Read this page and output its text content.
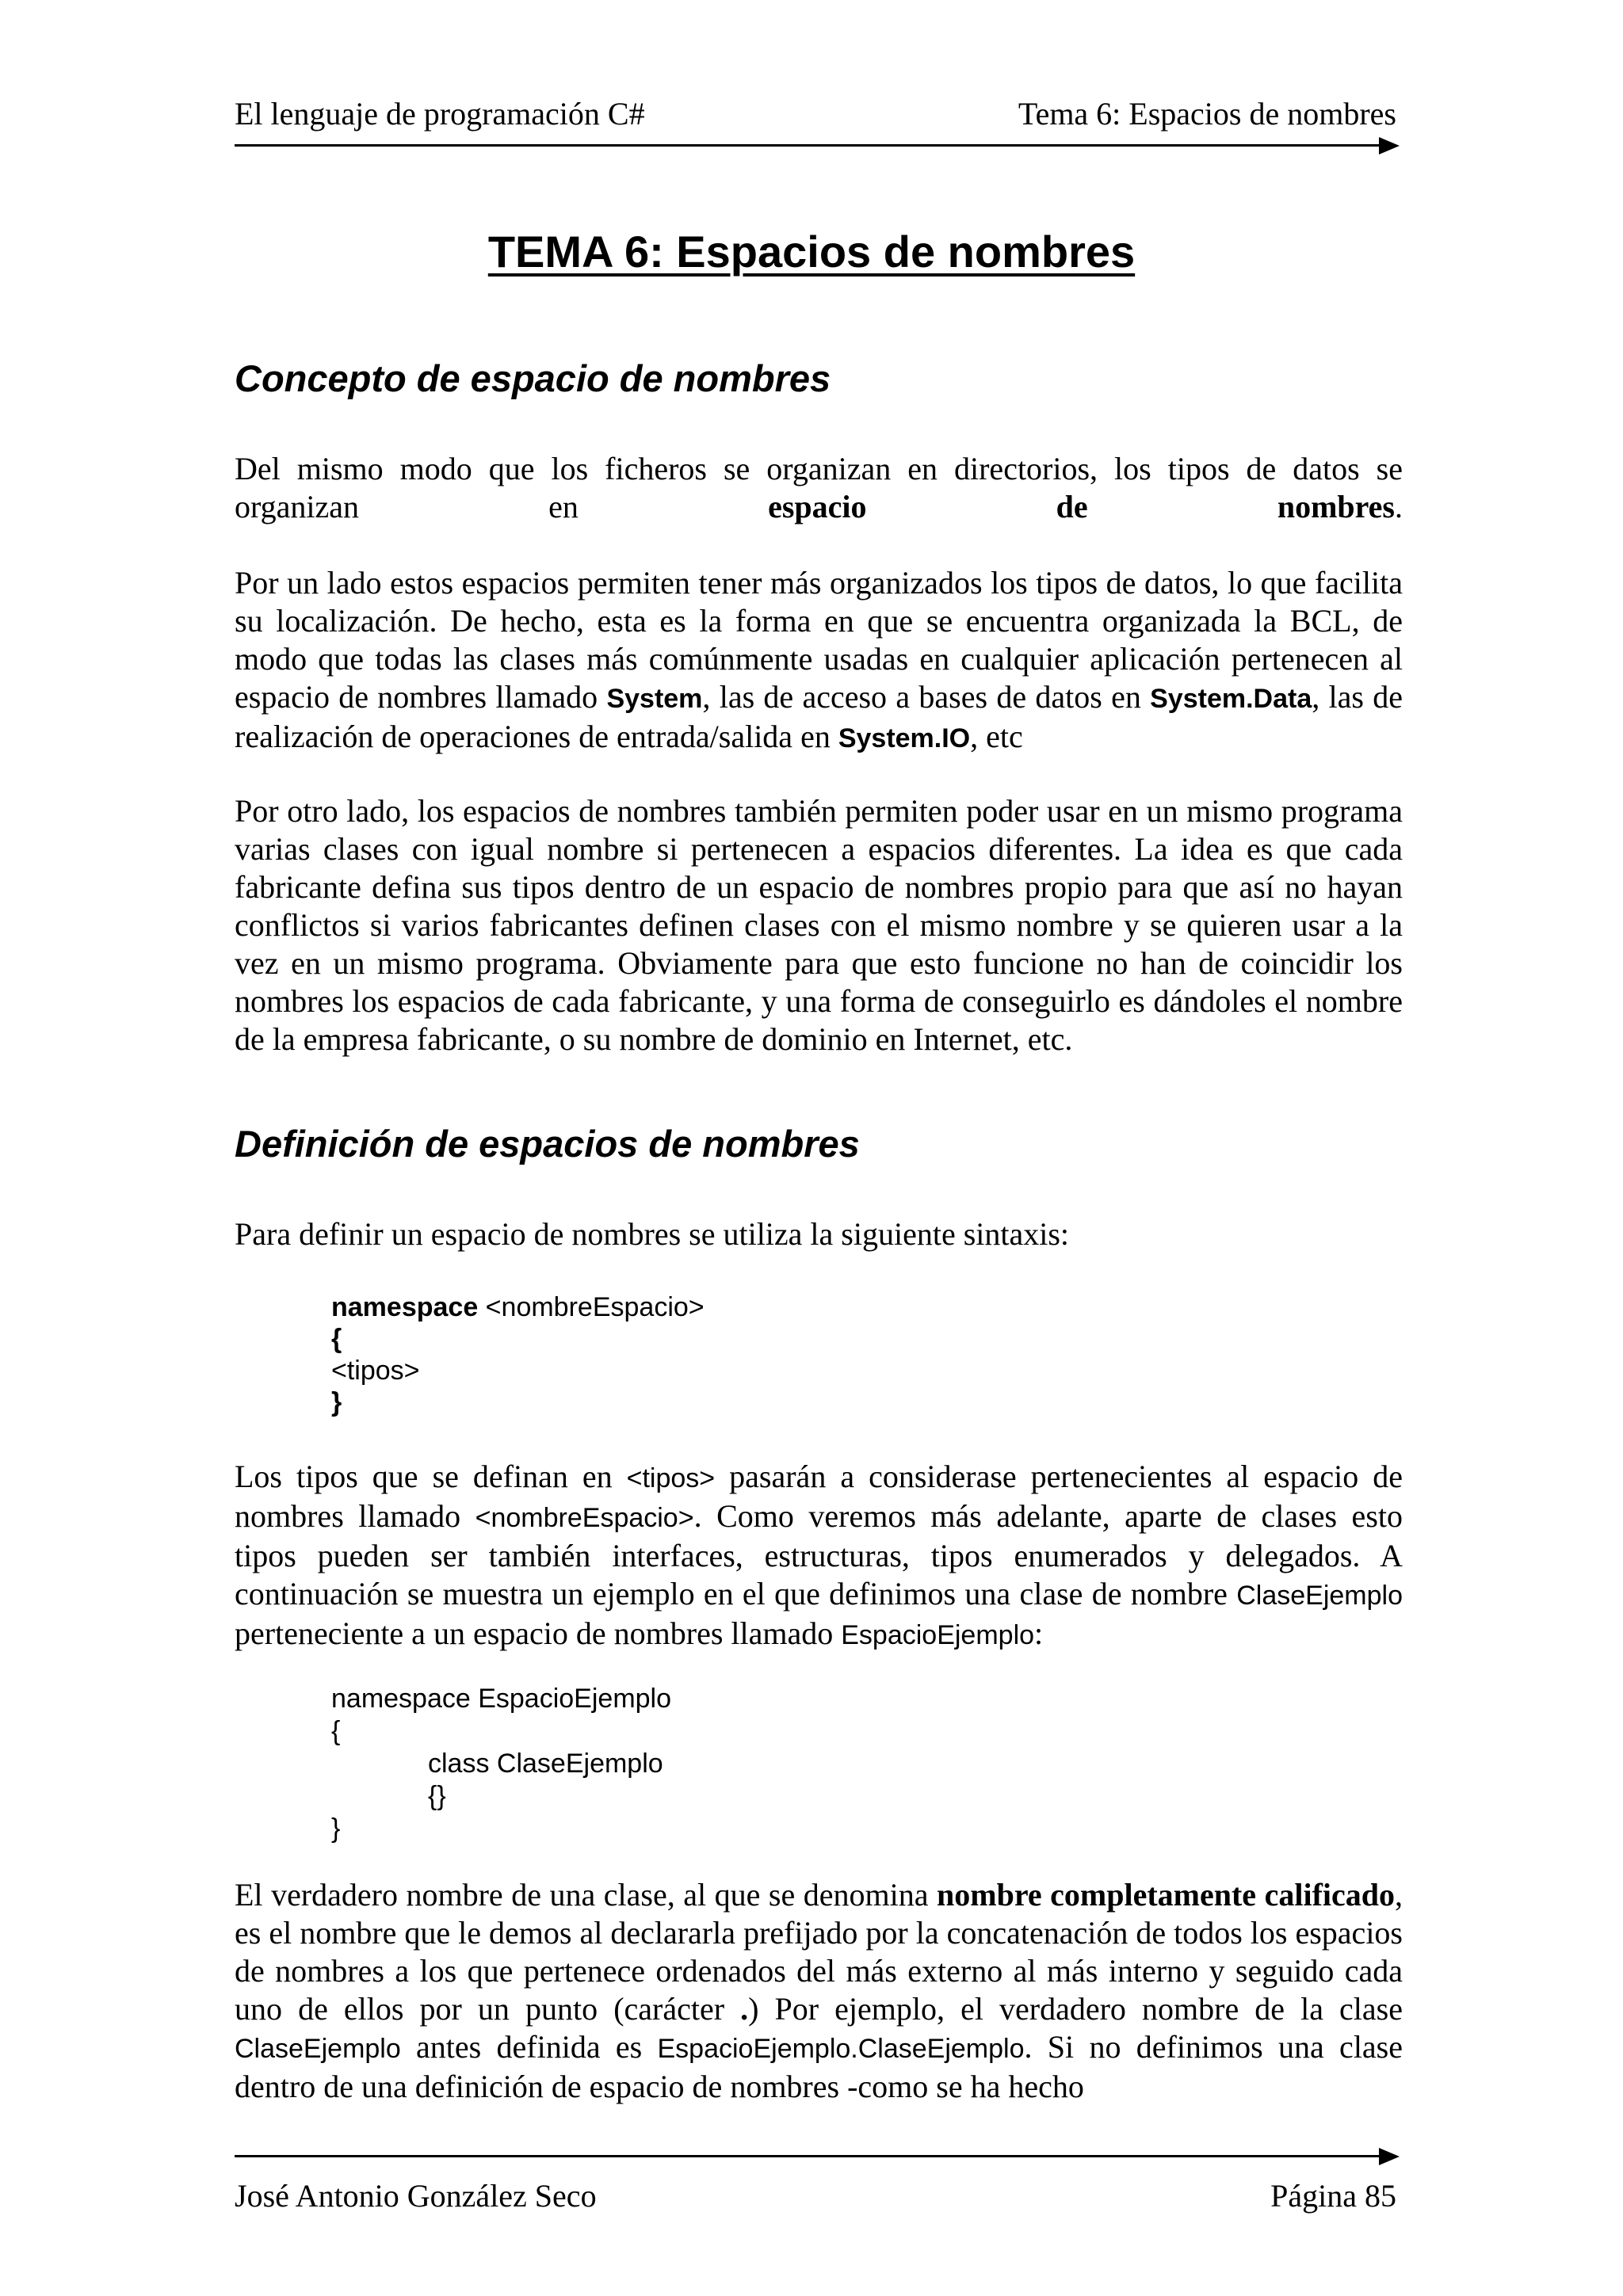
El lenguaje de programación C#	Tema 6: Espacios de nombres
TEMA 6: Espacios de nombres
Concepto de espacio de nombres
Del mismo modo que los ficheros se organizan en directorios, los tipos de datos se organizan en espacio de nombres.
Por un lado estos espacios permiten tener más organizados los tipos de datos, lo que facilita su localización. De hecho, esta es la forma en que se encuentra organizada la BCL, de modo que todas las clases más comúnmente usadas en cualquier aplicación pertenecen al espacio de nombres llamado System, las de acceso a bases de datos en System.Data, las de realización de operaciones de entrada/salida en System.IO, etc
Por otro lado, los espacios de nombres también permiten poder usar en un mismo programa varias clases con igual nombre si pertenecen a espacios diferentes. La idea es que cada fabricante defina sus tipos dentro de un espacio de nombres propio para que así no hayan conflictos si varios fabricantes definen clases con el mismo nombre y se quieren usar a la vez en un mismo programa. Obviamente para que esto funcione no han de coincidir los nombres los espacios de cada fabricante, y una forma de conseguirlo es dándoles el nombre de la empresa fabricante, o su nombre de dominio en Internet, etc.
Definición de espacios de nombres
Para definir un espacio de nombres se utiliza la siguiente sintaxis:
namespace <nombreEspacio>
{
<tipos>
}
Los tipos que se definan en <tipos> pasarán a considerase pertenecientes al espacio de nombres llamado <nombreEspacio>. Como veremos más adelante, aparte de clases esto tipos pueden ser también interfaces, estructuras, tipos enumerados y delegados. A continuación se muestra un ejemplo en el que definimos una clase de nombre ClaseEjemplo perteneciente a un espacio de nombres llamado EspacioEjemplo:
namespace EspacioEjemplo
{
class ClaseEjemplo
{}
}
El verdadero nombre de una clase, al que se denomina nombre completamente calificado, es el nombre que le demos al declararla prefijado por la concatenación de todos los espacios de nombres a los que pertenece ordenados del más externo al más interno y seguido cada uno de ellos por un punto (carácter .) Por ejemplo, el verdadero nombre de la clase ClaseEjemplo antes definida es EspacioEjemplo.ClaseEjemplo. Si no definimos una clase dentro de una definición de espacio de nombres -como se ha hecho
José Antonio González Seco	Página 85
